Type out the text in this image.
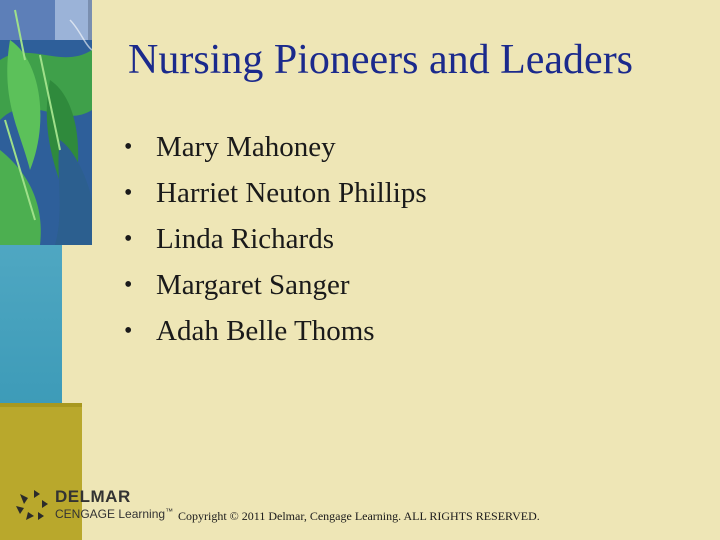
Nursing Pioneers and Leaders
• Mary Mahoney
• Harriet Neuton Phillips
• Linda Richards
• Margaret Sanger
• Adah Belle Thoms
DELMAR
CENGAGE Learning™ Copyright © 2011 Delmar, Cengage Learning. ALL RIGHTS RESERVED.
